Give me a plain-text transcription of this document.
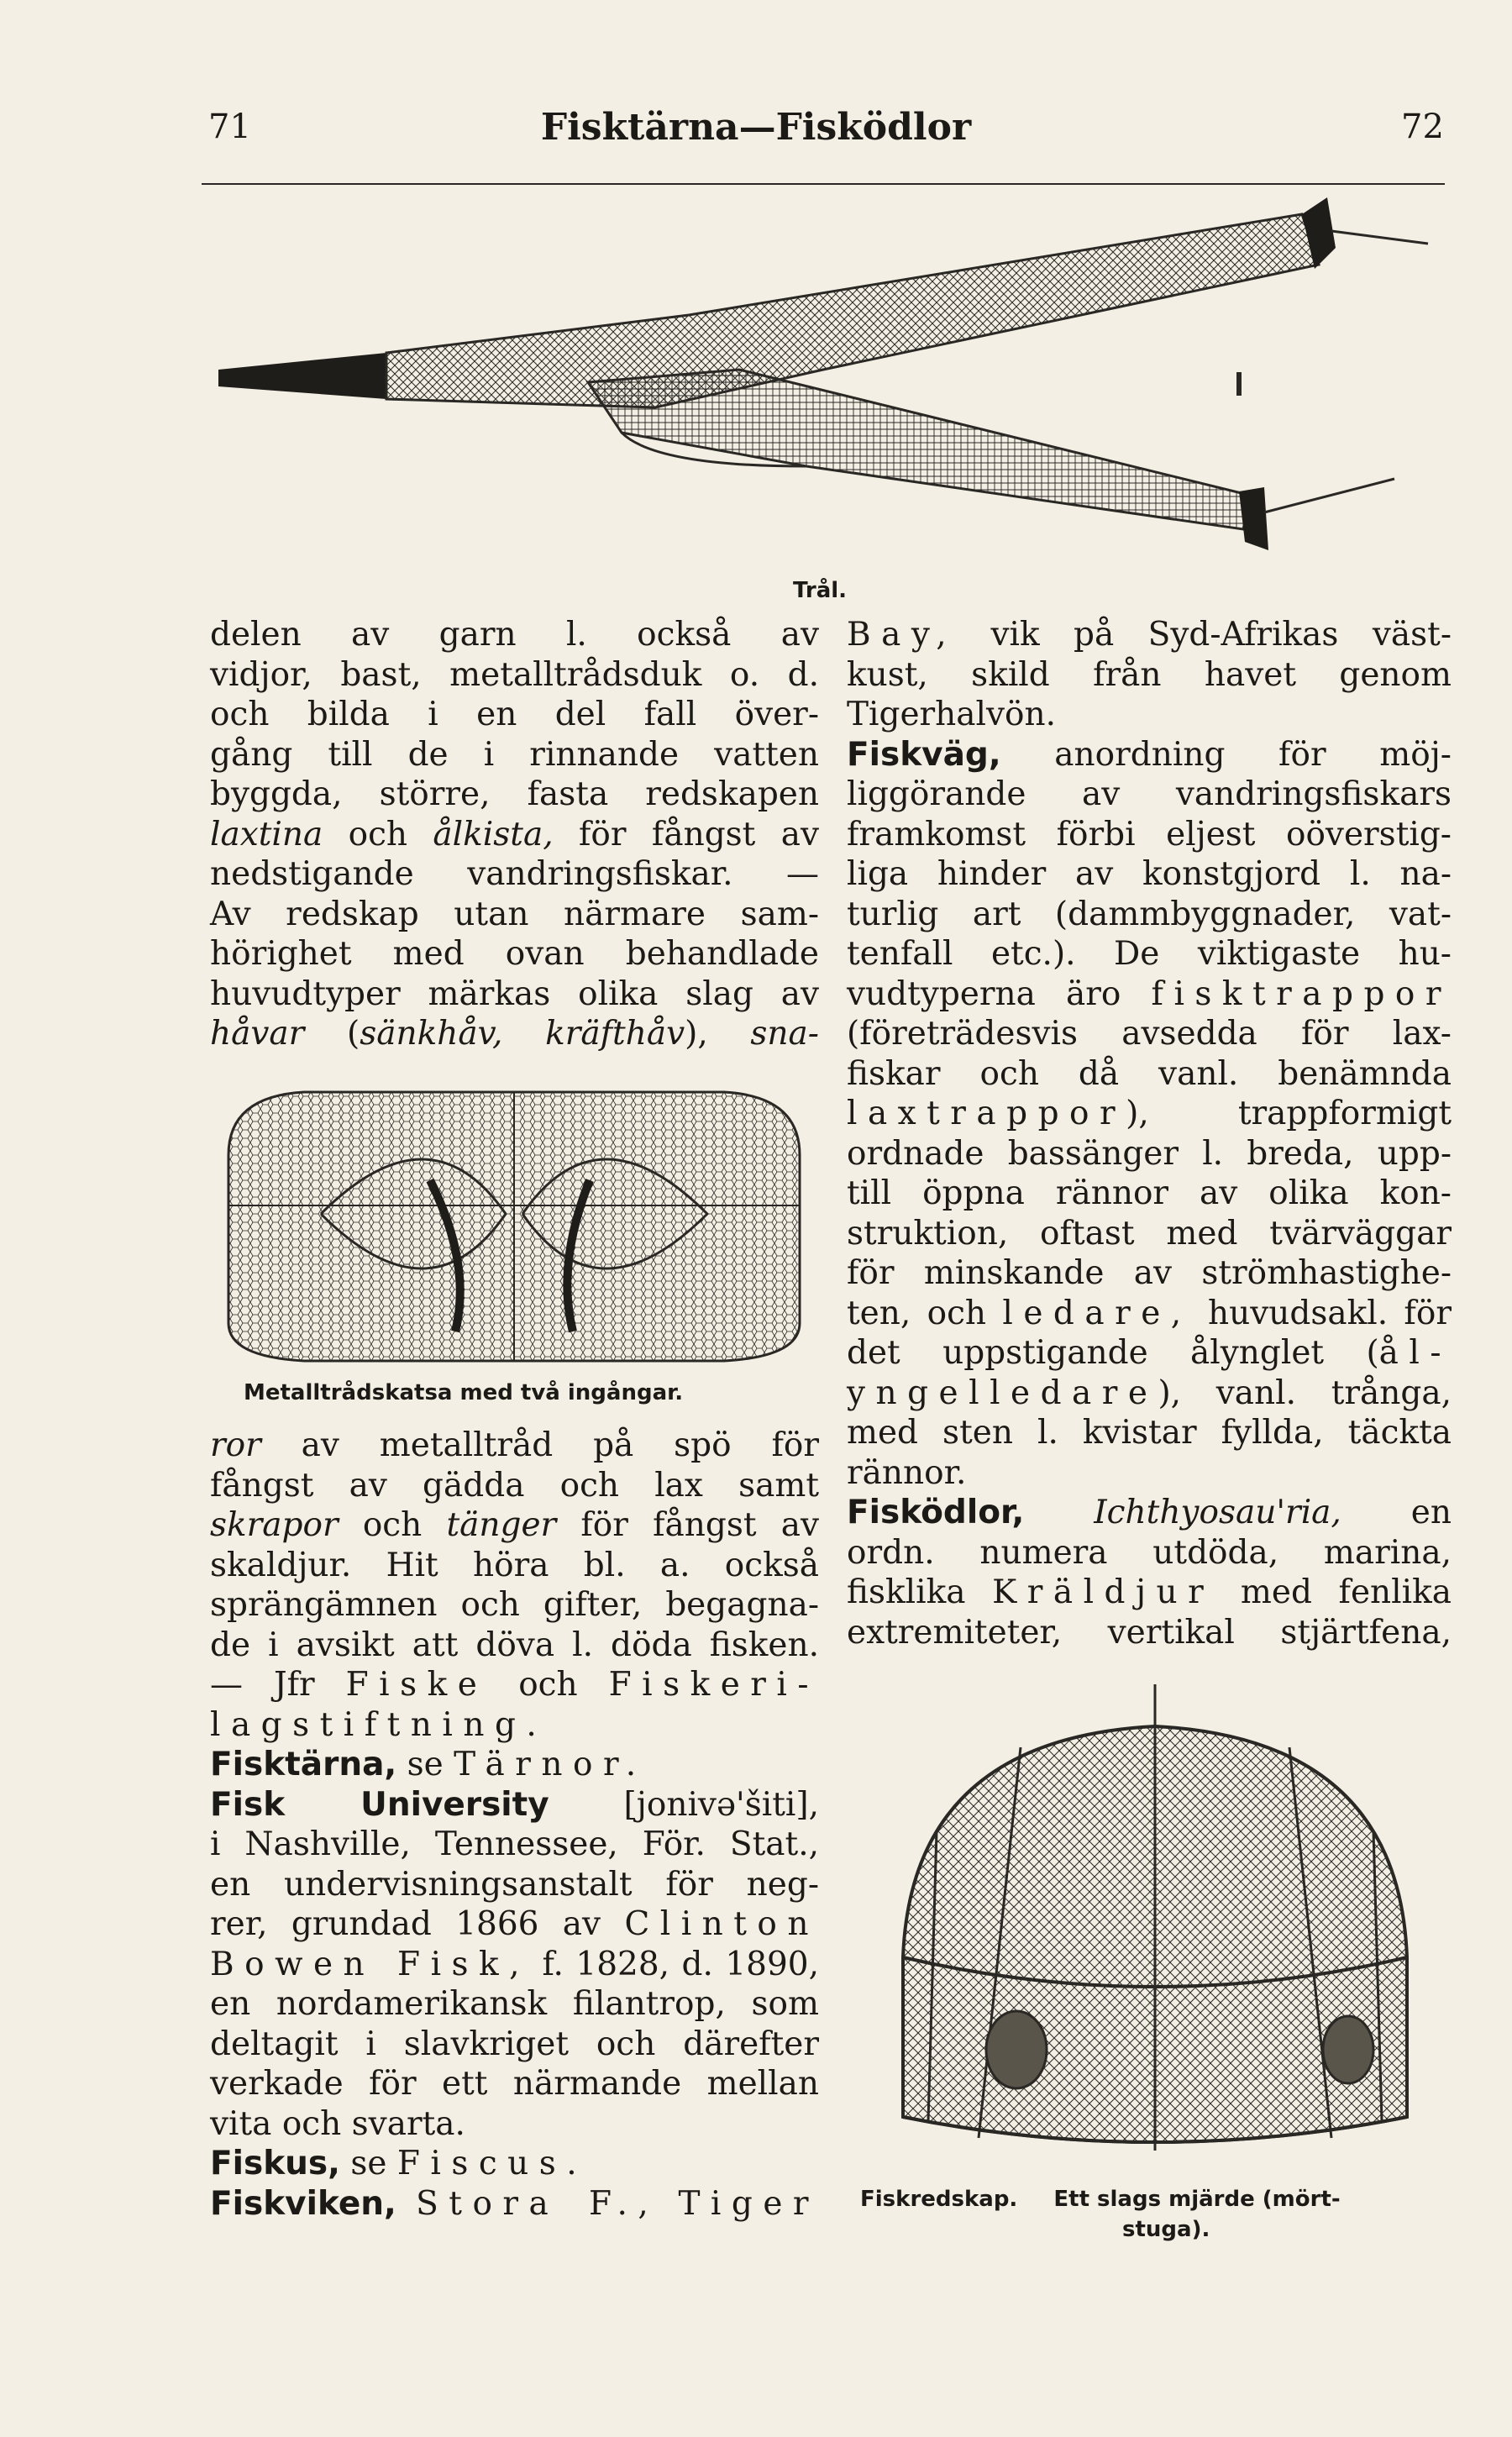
71	Fisktärna—Fisködlor	72
Trål.
delen av garn l. också av
vidjor, bast, metalltrådsduk o. d.
och bilda i en del fall över-
gång till de i rinnande vatten
byggda, större, fasta redskapen
laxtina och ålkista, för fångst av
nedstigande vandringsfiskar. —
Av redskap utan närmare sam-
hörighet med ovan behandlade
huvudtyper märkas olika slag av
håvar (sänkhåv, kräfthåv), sna-
Metalltrådskatsa med två ingångar.
ror av metalltråd på spö för
fångst av gädda och lax samt
skrapor och tänger för fångst av
skaldjur. Hit höra bl. a. också
sprängämnen och gifter, begagna-
de i avsikt att döva l. döda fisken.
— Jfr Fiske och Fiskeri-
lagstiftning.
Fisktärna, se Tärnor.
Fisk University [jonivə'šiti],
i Nashville, Tennessee, För. Stat.,
en undervisningsanstalt för neg-
rer, grundad 1866 av Clinton
Bowen Fisk, f. 1828, d. 1890,
en nordamerikansk filantrop, som
deltagit i slavkriget och därefter
verkade för ett närmande mellan
vita och svarta.
Fiskus, se Fiscus.
Fiskviken, Stora F., Tiger
Bay, vik på Syd-Afrikas väst-
kust, skild från havet genom
Tigerhalvön.
Fiskväg, anordning för möj-
liggörande av vandringsfiskars
framkomst förbi eljest oöverstig-
liga hinder av konstgjord l. na-
turlig art (dammbyggnader, vat-
tenfall etc.). De viktigaste hu-
vudtyperna äro fisktrappor
(företrädesvis avsedda för lax-
fiskar och då vanl. benämnda
laxtrappor), trappformigt
ordnade bassänger l. breda, upp-
till öppna rännor av olika kon-
struktion, oftast med tvärväggar
för minskande av strömhastighe-
ten, och ledare, huvudsakl. för
det uppstigande ålynglet (ål-
yngelledare), vanl. trånga,
med sten l. kvistar fyllda, täckta
rännor.
Fisködlor, Ichthyosau'ria, en
ordn. numera utdöda, marina,
fisklika Kräldjur med fenlika
extremiteter, vertikal stjärtfena,
Fiskredskap. Ett slags mjärde (mört-
stuga).
